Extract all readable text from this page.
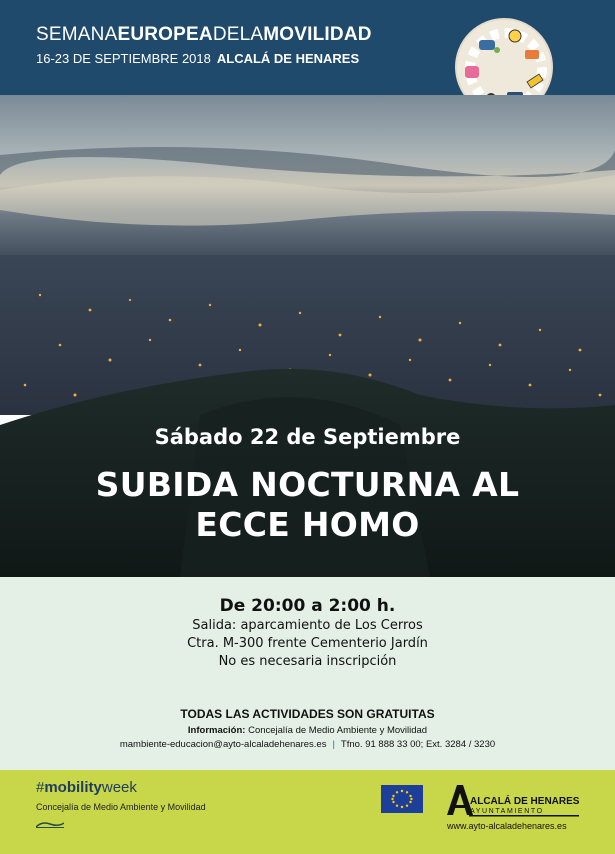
SEMANAEUROPEADELAMOVILIDAD
16-23 DE SEPTIEMBRE 2018 ALCALÁ DE HENARES
Sábado 22 de Septiembre
SUBIDA NOCTURNA AL
ECCE HOMO
De 20:00 a 2:00 h.
Salida: aparcamiento de Los Cerros
Ctra. M-300 frente Cementerio Jardín
No es necesaria inscripción
TODAS LAS ACTIVIDADES SON GRATUITAS
Información: Concejalía de Medio Ambiente y Movilidad
mambiente-educacion@ayto-alcaladehenares.es | Tfno. 91 888 33 00; Ext. 3284 / 3230
#mobilityweek
Concejalía de Medio Ambiente y Movilidad	ALCALÁ DE HENARES
AYUNTAMIENTO
www.ayto-alcaladehenares.es
